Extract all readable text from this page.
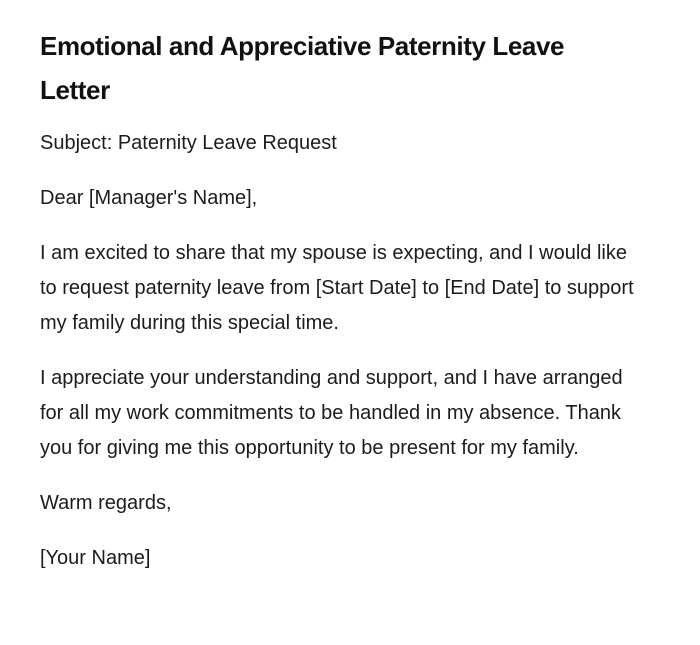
Emotional and Appreciative Paternity Leave Letter

Subject: Paternity Leave Request

Dear [Manager's Name],

I am excited to share that my spouse is expecting, and I would like to request paternity leave from [Start Date] to [End Date] to support my family during this special time.

I appreciate your understanding and support, and I have arranged for all my work commitments to be handled in my absence. Thank you for giving me this opportunity to be present for my family.

Warm regards,

[Your Name]
